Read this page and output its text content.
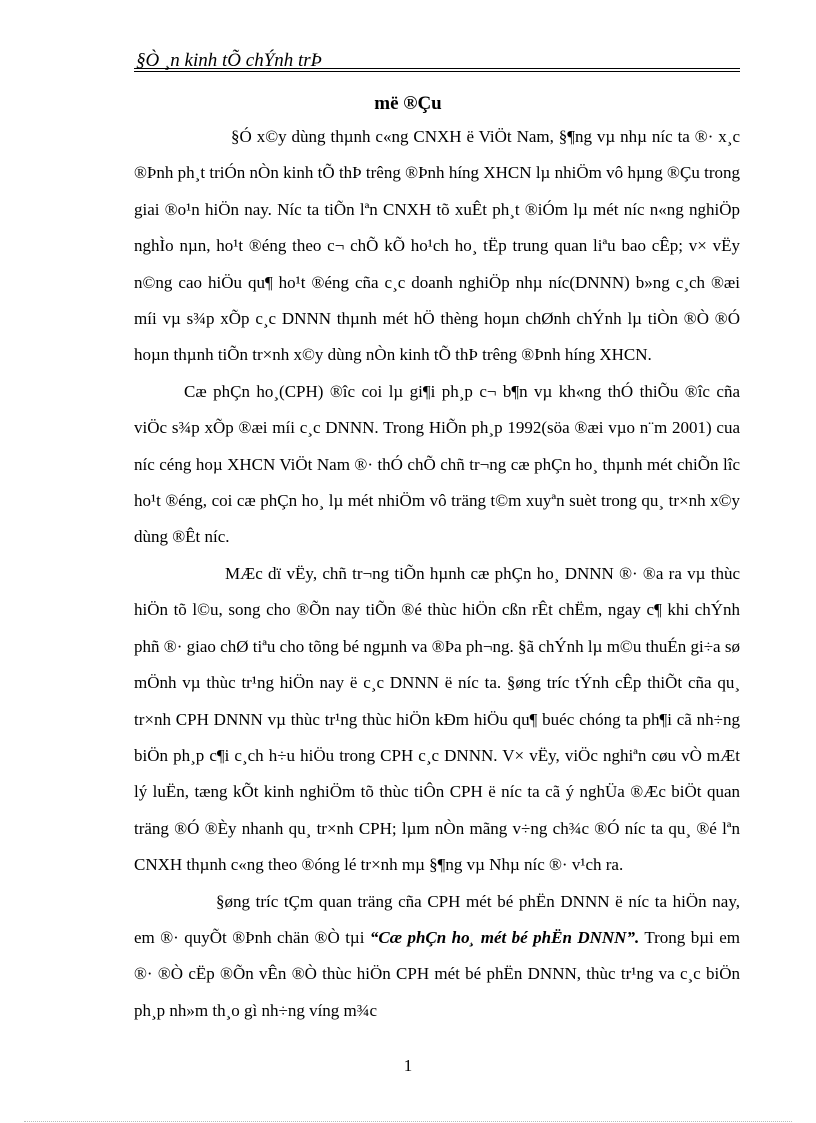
§Ò ¸n kinh tÕ chÝnh trÞ
më ®Çu

§Ó x©y dùng thµnh c«ng CNXH ë ViÖt Nam, §¶ng vµ nhµ níc ta ®· x¸c ®Þnh ph¸t triÓn nÒn kinh tÕ thÞ trêng ®Þnh híng XHCN lµ nhiÖm vô hµng ®Çu trong giai ®o¹n hiÖn nay. Níc ta tiÕn lªn CNXH tõ xuÊt ph¸t ®iÓm lµ mét níc n«ng nghiÖp nghÌo nµn, ho¹t ®éng theo c¬ chÕ kÕ ho¹ch ho¸ tËp trung quan liªu bao cÊp; v× vËy n©ng cao hiÖu qu¶ ho¹t ®éng cña c¸c doanh nghiÖp nhµ níc(DNNN) b»ng c¸ch ®æi míi vµ s¾p xÕp c¸c DNNN thµnh mét hÖ thèng hoµn chØnh chÝnh lµ tiÒn ®Ò ®Ó hoµn thµnh tiÕn tr×nh x©y dùng nÒn kinh tÕ thÞ trêng ®Þnh híng XHCN.

Cæ phÇn ho¸(CPH) ®îc coi lµ gi¶i ph¸p c¬ b¶n vµ kh«ng thÓ thiÕu ®îc cña viÖc s¾p xÕp ®æi míi c¸c DNNN. Trong HiÕn ph¸p 1992(söa ®æi vµo n¨m 2001) cua níc céng hoµ XHCN ViÖt Nam ®· thÓ chÕ chñ tr¬ng cæ phÇn ho¸ thµnh mét chiÕn lîc ho¹t ®éng, coi cæ phÇn ho¸ lµ mét nhiÖm vô träng t©m xuyªn suèt trong qu¸ tr×nh x©y dùng ®Êt níc.

MÆc dï vËy, chñ tr¬ng tiÕn hµnh cæ phÇn ho¸ DNNN ®· ®a ra vµ thùc hiÖn tõ l©u, song cho ®Õn nay tiÕn ®é thùc hiÖn cßn rÊt chËm, ngay c¶ khi chÝnh phñ ®· giao chØ tiªu cho tõng bé ngµnh va ®Þa ph¬ng. §ã chÝnh lµ m©u thuÉn gi÷a sø mÖnh vµ thùc tr¹ng hiÖn nay ë c¸c DNNN ë níc ta. §øng tríc tÝnh cÊp thiÕt cña qu¸ tr×nh CPH DNNN vµ thùc tr¹ng thùc hiÖn kÐm hiÖu qu¶ buéc chóng ta ph¶i cã nh÷ng biÖn ph¸p c¶i c¸ch h÷u hiÖu trong CPH c¸c DNNN. V× vËy, viÖc nghiªn cøu vÒ mÆt lý luËn, tæng kÕt kinh nghiÖm tõ thùc tiÔn CPH ë níc ta cã ý nghÜa ®Æc biÖt quan träng ®Ó ®Èy nhanh qu¸ tr×nh CPH; lµm nÒn mãng v÷ng ch¾c ®Ó níc ta qu¸ ®é lªn CNXH thµnh c«ng theo ®óng lé tr×nh mµ §¶ng vµ Nhµ níc ®· v¹ch ra.

§øng tríc tÇm quan träng cña CPH mét bé phËn DNNN ë níc ta hiÖn nay, em ®· quyÕt ®Þnh chän ®Ò tµi “Cæ phÇn ho¸ mét bé phËn DNNN”. Trong bµi em ®· ®Ò cËp ®Õn vÊn ®Ò thùc hiÖn CPH mét bé phËn DNNN, thùc tr¹ng va c¸c biÖn ph¸p nh»m th¸o gì nh÷ng víng m¾c

1
